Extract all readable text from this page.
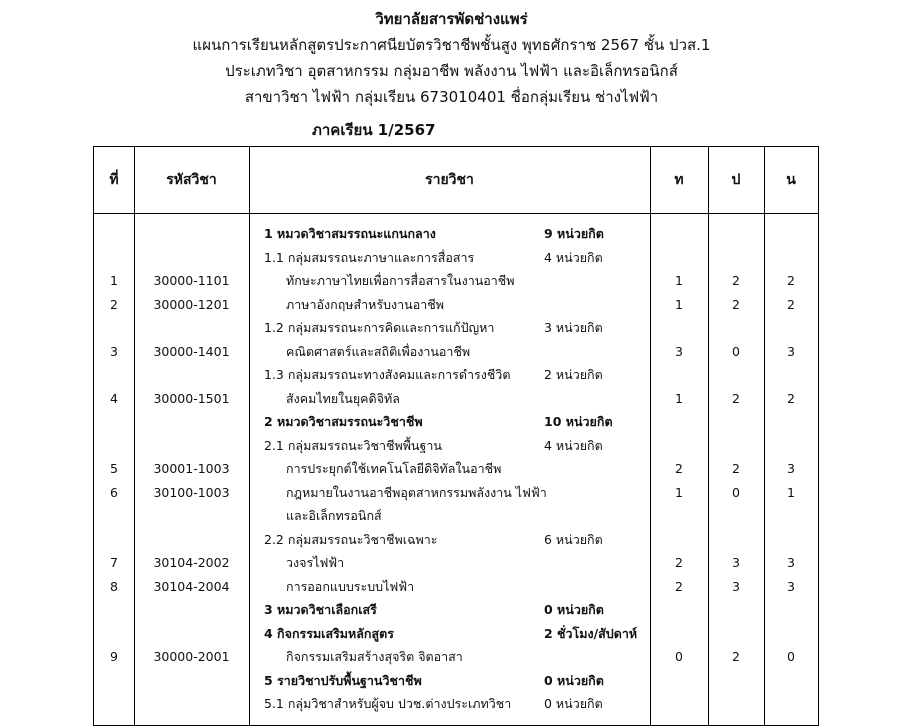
วิทยาลัยสารพัดช่างแพร่
แผนการเรียนหลักสูตรประกาศนียบัตรวิชาชีพชั้นสูง พุทธศักราช 2567 ชั้น ปวส.1
ประเภทวิชา อุตสาหกรรม กลุ่มอาชีพ พลังงาน ไฟฟ้า และอิเล็กทรอนิกส์
สาขาวิชา ไฟฟ้า กลุ่มเรียน 673010401 ชื่อกลุ่มเรียน ช่างไฟฟ้า
ภาคเรียน 1/2567
ที่	รหัสวิชา	รายวิชา	ท	ป	น
1 หมวดวิชาสมรรถนะแกนกลาง	9 หน่วยกิต
1.1 กลุ่มสมรรถนะภาษาและการสื่อสาร	4 หน่วยกิต
1	30000-1101	ทักษะภาษาไทยเพื่อการสื่อสารในงานอาชีพ	1	2	2
2	30000-1201	ภาษาอังกฤษสำหรับงานอาชีพ	1	2	2
1.2 กลุ่มสมรรถนะการคิดและการแก้ปัญหา	3 หน่วยกิต
3	30000-1401	คณิตศาสตร์และสถิติเพื่องานอาชีพ	3	0	3
1.3 กลุ่มสมรรถนะทางสังคมและการดำรงชีวิต	2 หน่วยกิต
4	30000-1501	สังคมไทยในยุคดิจิทัล	1	2	2
2 หมวดวิชาสมรรถนะวิชาชีพ	10 หน่วยกิต
2.1 กลุ่มสมรรถนะวิชาชีพพื้นฐาน	4 หน่วยกิต
5	30001-1003	การประยุกต์ใช้เทคโนโลยีดิจิทัลในอาชีพ	2	2	3
6	30100-1003	กฎหมายในงานอาชีพอุตสาหกรรมพลังงาน ไฟฟ้า	1	0	1
และอิเล็กทรอนิกส์
2.2 กลุ่มสมรรถนะวิชาชีพเฉพาะ	6 หน่วยกิต
7	30104-2002	วงจรไฟฟ้า	2	3	3
8	30104-2004	การออกแบบระบบไฟฟ้า	2	3	3
3 หมวดวิชาเลือกเสรี	0 หน่วยกิต
4 กิจกรรมเสริมหลักสูตร	2 ชั่วโมง/สัปดาห์
9	30000-2001	กิจกรรมเสริมสร้างสุจริต จิตอาสา	0	2	0
5 รายวิชาปรับพื้นฐานวิชาชีพ	0 หน่วยกิต
5.1 กลุ่มวิชาสำหรับผู้จบ ปวช.ต่างประเภทวิชา	0 หน่วยกิต
